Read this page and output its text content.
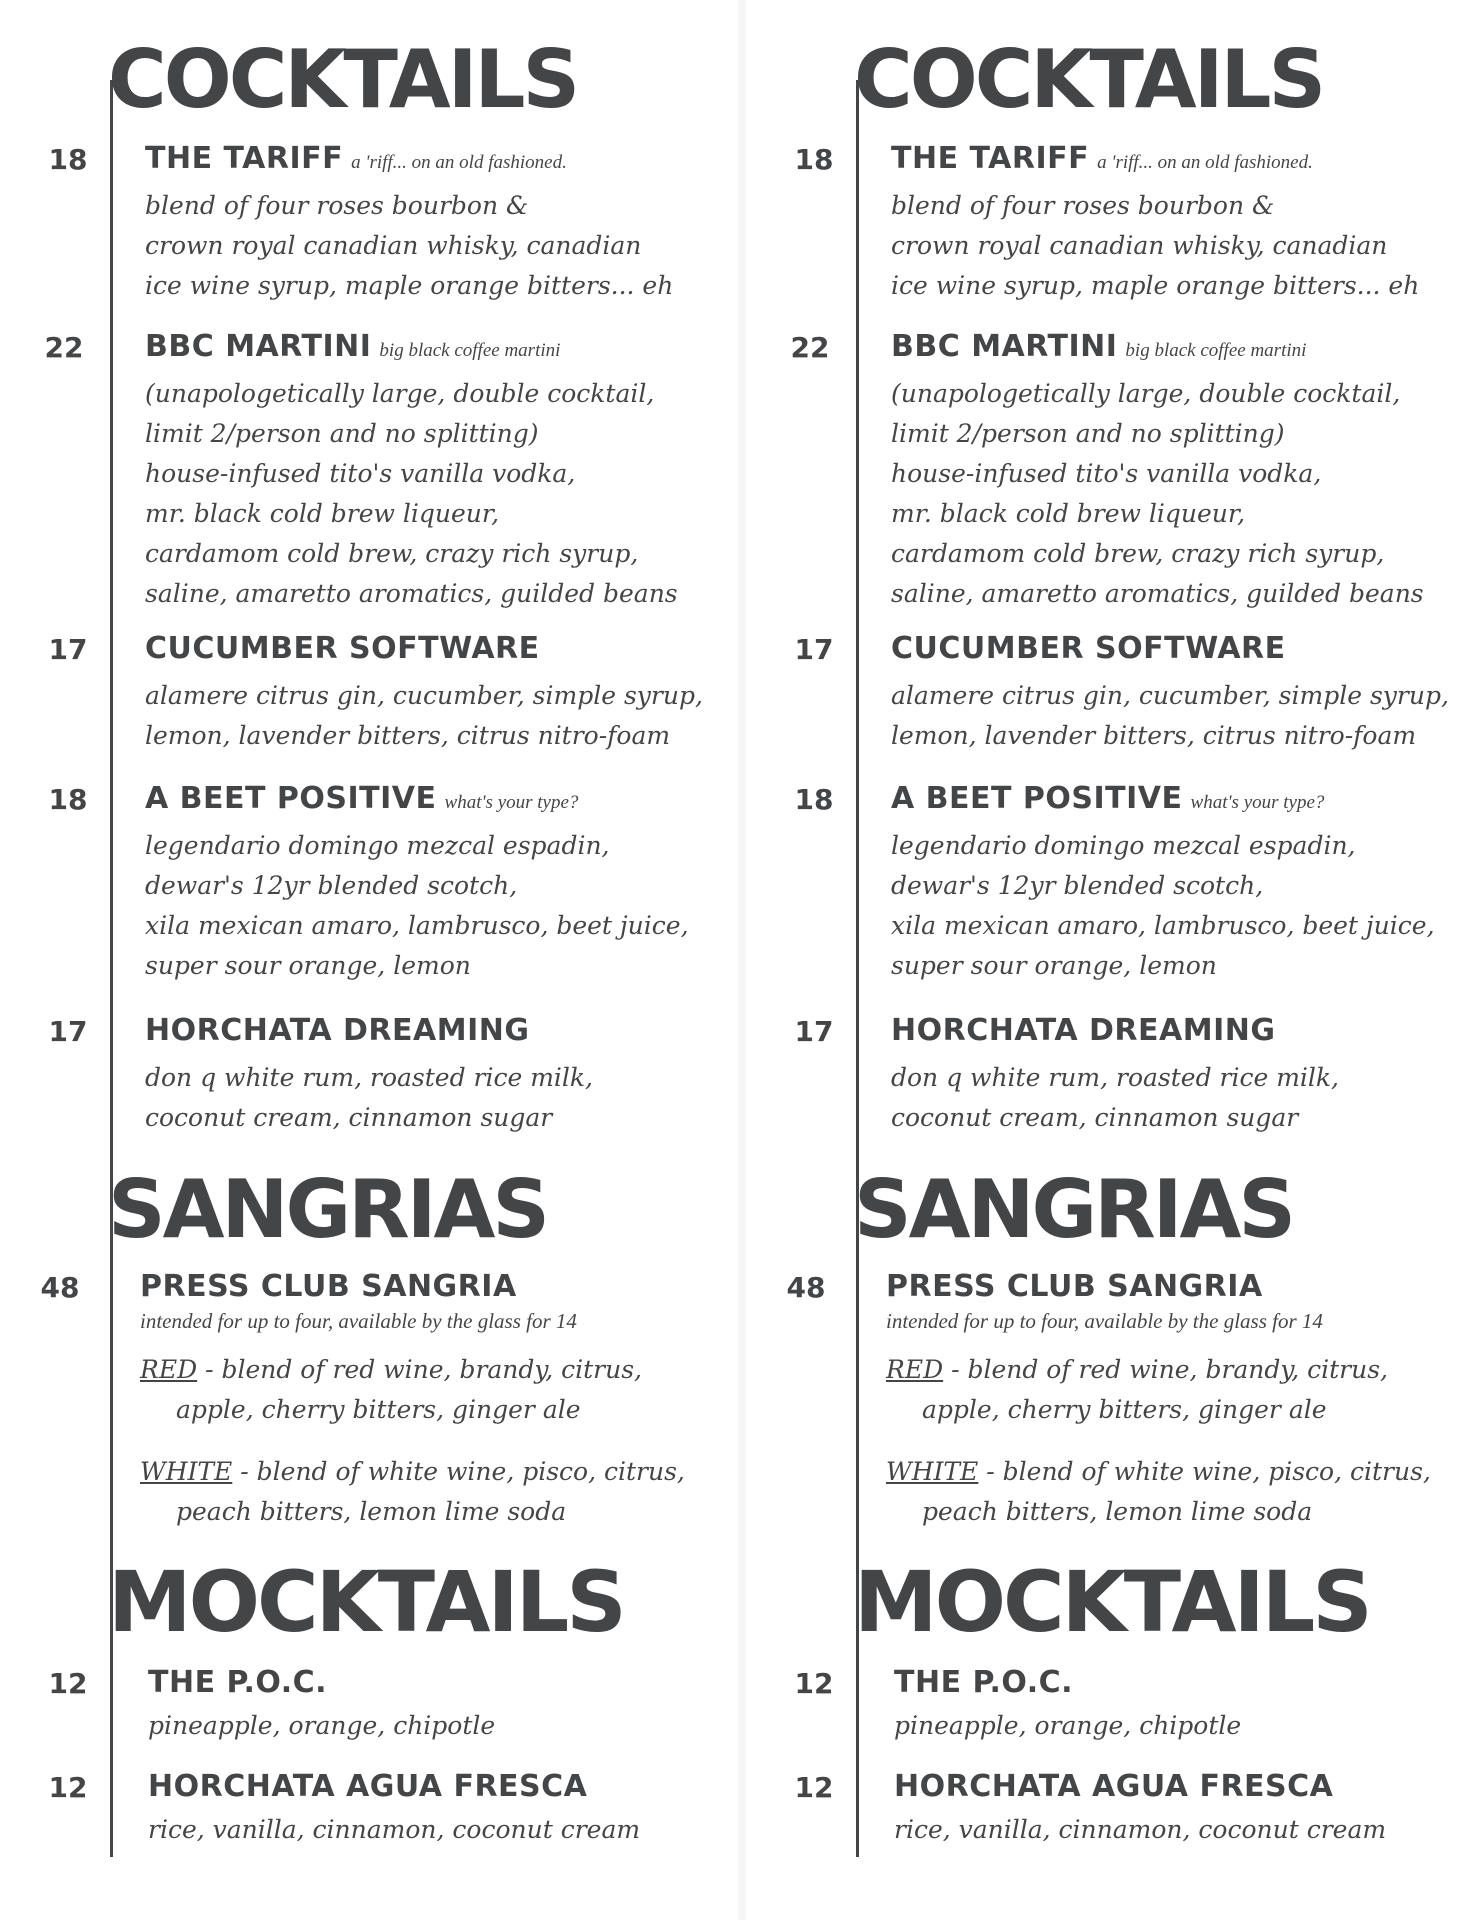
COCKTAILS
18 THE TARIFF a 'riff... on an old fashioned.
blend of four roses bourbon &
crown royal canadian whisky, canadian
ice wine syrup, maple orange bitters... eh
22 BBC MARTINI big black coffee martini
(unapologetically large, double cocktail,
limit 2/person and no splitting)
house-infused tito's vanilla vodka,
mr. black cold brew liqueur,
cardamom cold brew, crazy rich syrup,
saline, amaretto aromatics, guilded beans
17 CUCUMBER SOFTWARE
alamere citrus gin, cucumber, simple syrup,
lemon, lavender bitters, citrus nitro-foam
18 A BEET POSITIVE what's your type?
legendario domingo mezcal espadin,
dewar's 12yr blended scotch,
xila mexican amaro, lambrusco, beet juice,
super sour orange, lemon
17 HORCHATA DREAMING
don q white rum, roasted rice milk,
coconut cream, cinnamon sugar
SANGRIAS
48 PRESS CLUB SANGRIA
intended for up to four, available by the glass for 14
RED - blend of red wine, brandy, citrus, apple, cherry bitters, ginger ale
WHITE - blend of white wine, pisco, citrus, peach bitters, lemon lime soda
MOCKTAILS
12 THE P.O.C.
pineapple, orange, chipotle
12 HORCHATA AGUA FRESCA
rice, vanilla, cinnamon, coconut cream
COCKTAILS
18 THE TARIFF a 'riff... on an old fashioned.
blend of four roses bourbon &
crown royal canadian whisky, canadian
ice wine syrup, maple orange bitters... eh
22 BBC MARTINI big black coffee martini
(unapologetically large, double cocktail,
limit 2/person and no splitting)
house-infused tito's vanilla vodka,
mr. black cold brew liqueur,
cardamom cold brew, crazy rich syrup,
saline, amaretto aromatics, guilded beans
17 CUCUMBER SOFTWARE
alamere citrus gin, cucumber, simple syrup,
lemon, lavender bitters, citrus nitro-foam
18 A BEET POSITIVE what's your type?
legendario domingo mezcal espadin,
dewar's 12yr blended scotch,
xila mexican amaro, lambrusco, beet juice,
super sour orange, lemon
17 HORCHATA DREAMING
don q white rum, roasted rice milk,
coconut cream, cinnamon sugar
SANGRIAS
48 PRESS CLUB SANGRIA
intended for up to four, available by the glass for 14
RED - blend of red wine, brandy, citrus, apple, cherry bitters, ginger ale
WHITE - blend of white wine, pisco, citrus, peach bitters, lemon lime soda
MOCKTAILS
12 THE P.O.C.
pineapple, orange, chipotle
12 HORCHATA AGUA FRESCA
rice, vanilla, cinnamon, coconut cream
